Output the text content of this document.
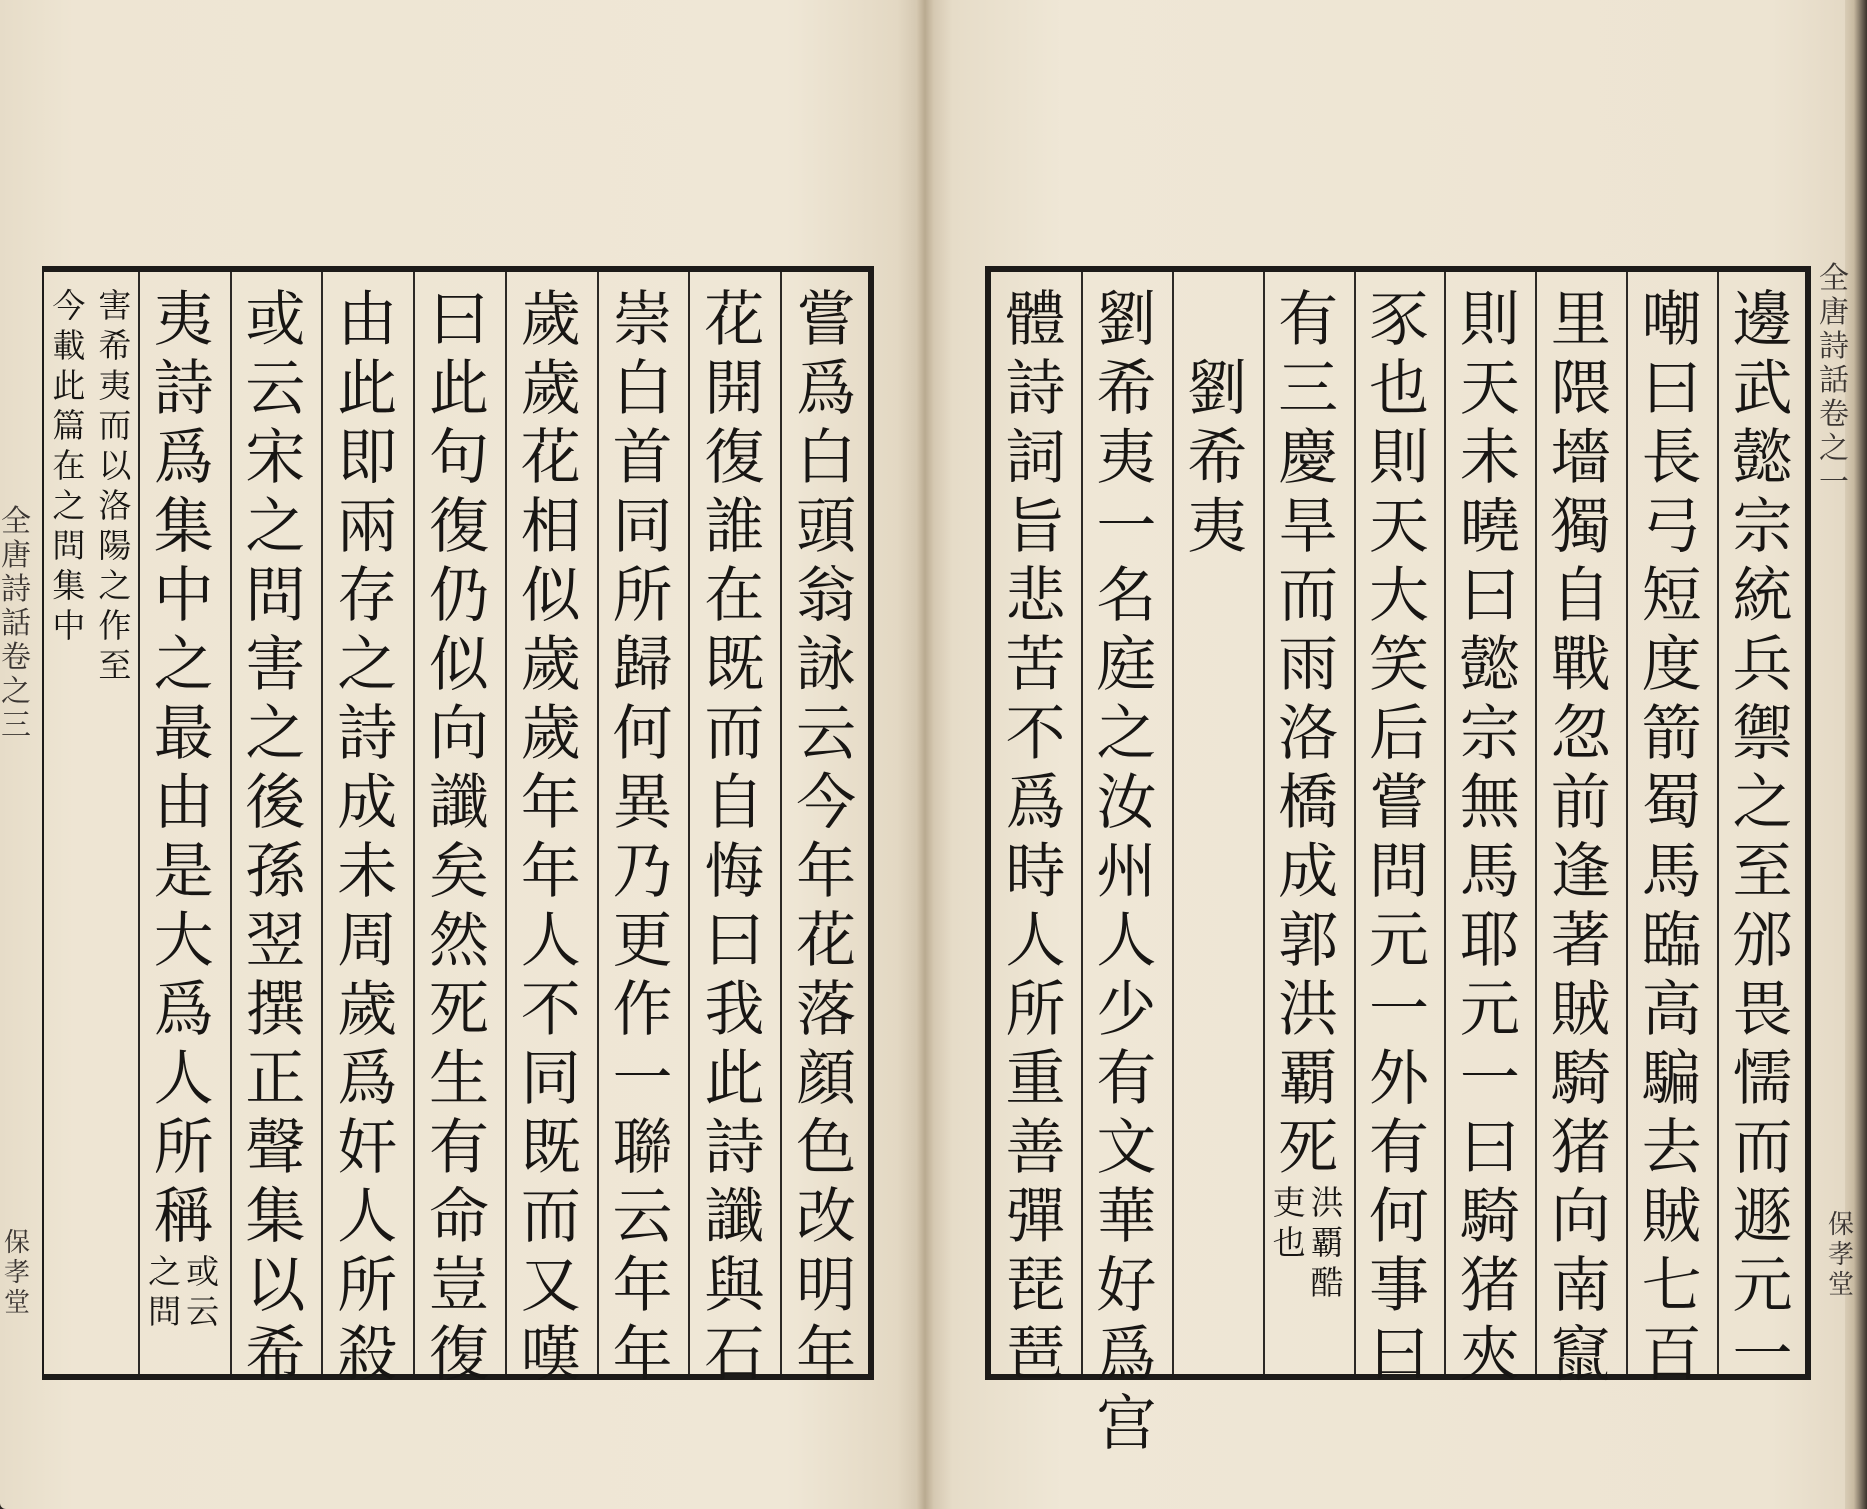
嘗
爲
白
頭
翁
詠
云
今
年
花
落
顔
色
改
明
年
花
開
復
誰
在
既
而
自
悔
曰
我
此
詩
讖
與
石
崇
白
首
同
所
歸
何
異
乃
更
作
一
聯
云
年
年
歲
歲
花
相
似
歲
歲
年
年
人
不
同
既
而
又
嘆
曰
此
句
復
仍
似
向
讖
矣
然
死
生
有
命
豈
復
由
此
即
兩
存
之
詩
成
未
周
歲
爲
奸
人
所
殺
或
云
宋
之
問
害
之
後
孫
翌
撰
正
聲
集
以
希
夷
詩
爲
集
中
之
最
由
是
大
爲
人
所
稱
或
云
之
問
害
希
夷
而
以
洛
陽
之
作
至
今
載
此
篇
在
之
問
集
中
邊
武
懿
宗
統
兵
禦
之
至
邠
畏
懦
而
遯
元
一
嘲
曰
長
弓
短
度
箭
蜀
馬
臨
高
騙
去
賊
七
百
里
隈
墻
獨
自
戰
忽
前
逢
著
賊
騎
猪
向
南
竄
則
天
未
曉
曰
懿
宗
無
馬
耶
元
一
曰
騎
猪
夾
豕
也
則
天
大
笑
后
嘗
問
元
一
外
有
何
事
曰
有
三
慶
旱
而
雨
洛
橋
成
郭
洪
覇
死
洪
覇
酷
吏
也
劉
希
夷
劉
希
夷
一
名
庭
之
汝
州
人
少
有
文
華
好
爲
宫
體
詩
詞
旨
悲
苦
不
爲
時
人
所
重
善
彈
琵
琶
全
唐
詩
話
卷
之
三
全
唐
詩
話
卷
之
一
保
孝
堂
保
孝
堂
